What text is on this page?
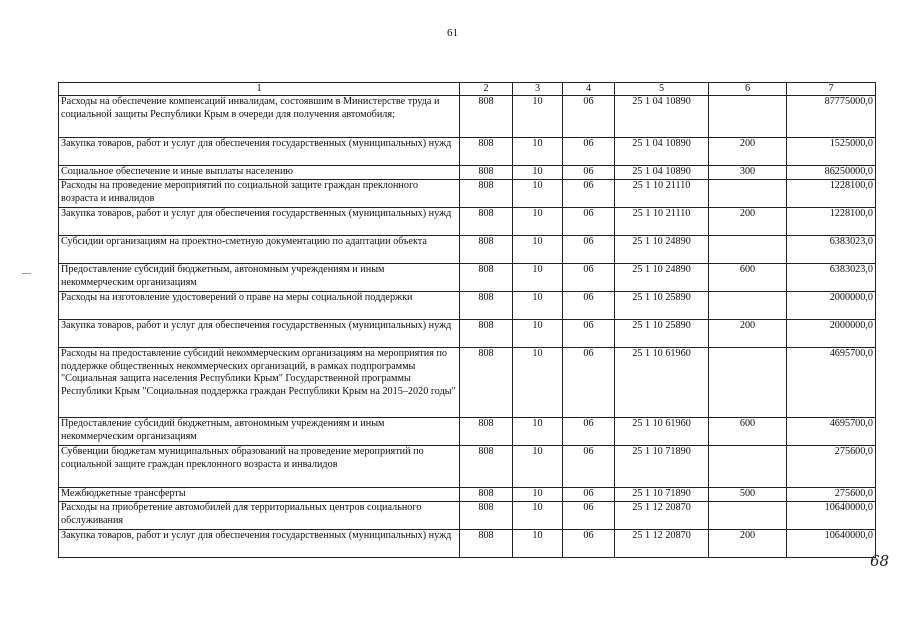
61
—
1	2	3	4	5	6	7
Расходы на обеспечение компенсаций инвалидам, состоявшим в Министерстве труда и социальной защиты Республики Крым в очереди для получения автомобиля;	808	10	06	25 1 04 10890		87775000,0
Закупка товаров, работ и услуг для обеспечения государственных (муниципальных) нужд	808	10	06	25 1 04 10890	200	1525000,0
Социальное обеспечение и иные выплаты населению	808	10	06	25 1 04 10890	300	86250000,0
Расходы на проведение мероприятий по социальной защите граждан преклонного возраста и инвалидов	808	10	06	25 1 10 21110		1228100,0
Закупка товаров, работ и услуг для обеспечения государственных (муниципальных) нужд	808	10	06	25 1 10 21110	200	1228100,0
Субсидии организациям на проектно-сметную документацию по адаптации объекта	808	10	06	25 1 10 24890		6383023,0
Предоставление субсидий бюджетным, автономным учреждениям и иным некоммерческим организациям	808	10	06	25 1 10 24890	600	6383023,0
Расходы на изготовление удостоверений о праве на меры социальной поддержки	808	10	06	25 1 10 25890		2000000,0
Закупка товаров, работ и услуг для обеспечения государственных (муниципальных) нужд	808	10	06	25 1 10 25890	200	2000000,0
Расходы на предоставление субсидий некоммерческим организациям на мероприятия по поддержке общественных некоммерческих организаций, в рамках подпрограммы "Социальная защита населения Республики Крым" Государственной программы Республики Крым "Социальная поддержка граждан Республики Крым на 2015–2020 годы"	808	10	06	25 1 10 61960		4695700,0
Предоставление субсидий бюджетным, автономным учреждениям и иным некоммерческим организациям	808	10	06	25 1 10 61960	600	4695700,0
Субвенции бюджетам муниципальных образований на проведение мероприятий по социальной защите граждан преклонного возраста и инвалидов	808	10	06	25 1 10 71890		275600,0
Межбюджетные трансферты	808	10	06	25 1 10 71890	500	275600,0
Расходы на приобретение автомобилей для территориальных центров социального обслуживания	808	10	06	25 1 12 20870		10640000,0
Закупка товаров, работ и услуг для обеспечения государственных (муниципальных) нужд	808	10	06	25 1 12 20870	200	10640000,0
68
